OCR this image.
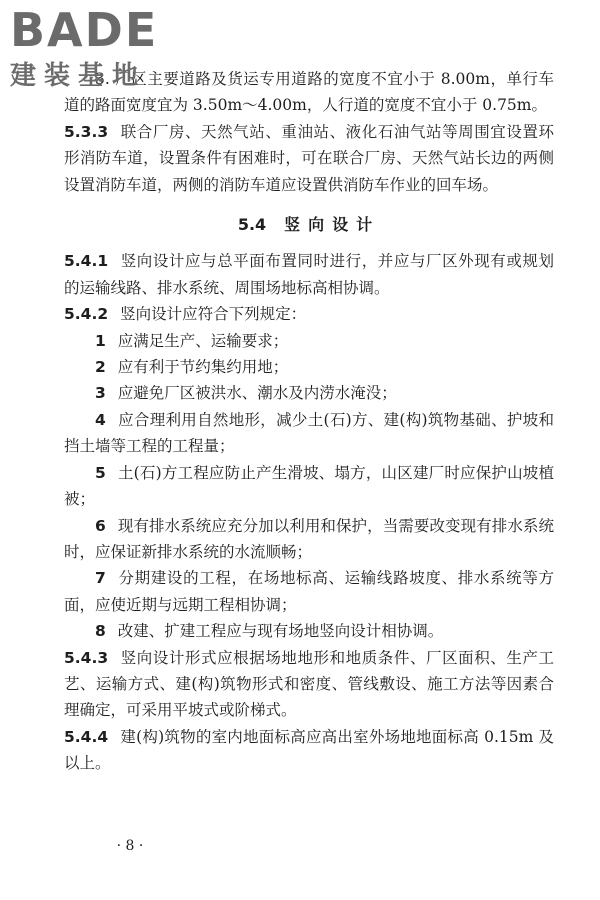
BADE
建装基地

3. 厂区主要道路及货运专用道路的宽度不宜小于 8.00m，单行车道的路面宽度宜为 3.50m～4.00m，人行道的宽度不宜小于 0.75m。

5.3.3 联合厂房、天然气站、重油站、液化石油气站等周围宜设置环形消防车道，设置条件有困难时，可在联合厂房、天然气站长边的两侧设置消防车道，两侧的消防车道应设置供消防车作业的回车场。

5.4 竖向设计

5.4.1 竖向设计应与总平面布置同时进行，并应与厂区外现有或规划的运输线路、排水系统、周围场地标高相协调。

5.4.2 竖向设计应符合下列规定：

1 应满足生产、运输要求；

2 应有利于节约集约用地；

3 应避免厂区被洪水、潮水及内涝水淹没；

4 应合理利用自然地形，减少土(石)方、建(构)筑物基础、护坡和挡土墙等工程的工程量；

5 土(石)方工程应防止产生滑坡、塌方，山区建厂时应保护山坡植被；

6 现有排水系统应充分加以利用和保护，当需要改变现有排水系统时，应保证新排水系统的水流顺畅；

7 分期建设的工程，在场地标高、运输线路坡度、排水系统等方面，应使近期与远期工程相协调；

8 改建、扩建工程应与现有场地竖向设计相协调。

5.4.3 竖向设计形式应根据场地地形和地质条件、厂区面积、生产工艺、运输方式、建(构)筑物形式和密度、管线敷设、施工方法等因素合理确定，可采用平坡式或阶梯式。

5.4.4 建(构)筑物的室内地面标高应高出室外场地地面标高 0.15m 及以上。

· 8 ·
